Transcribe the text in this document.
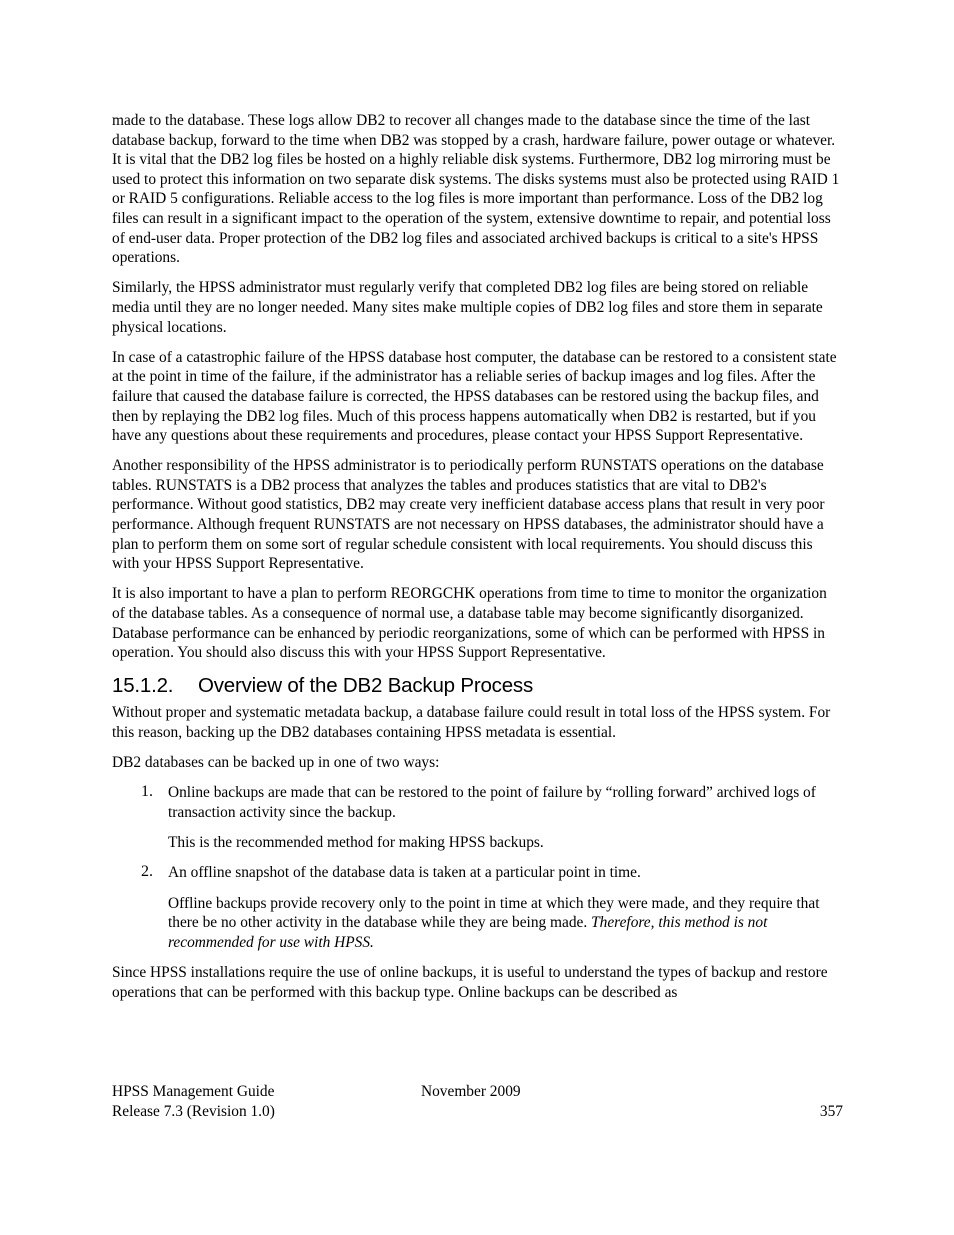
made to the database. These logs allow DB2 to recover all changes made to the database since the time of the last database backup, forward to the time when DB2 was stopped by a crash, hardware failure, power outage or whatever. It is vital that the DB2 log files be hosted on a highly reliable disk systems. Furthermore, DB2 log mirroring must be used to protect this information on two separate disk systems. The disks systems must also be protected using RAID 1 or RAID 5 configurations. Reliable access to the log files is more important than performance. Loss of the DB2 log files can result in a significant impact to the operation of the system, extensive downtime to repair, and potential loss of end-user data. Proper protection of the DB2 log files and associated archived backups is critical to a site's HPSS operations.

Similarly, the HPSS administrator must regularly verify that completed DB2 log files are being stored on reliable media until they are no longer needed. Many sites make multiple copies of DB2 log files and store them in separate physical locations.

In case of a catastrophic failure of the HPSS database host computer, the database can be restored to a consistent state at the point in time of the failure, if the administrator has a reliable series of backup images and log files. After the failure that caused the database failure is corrected, the HPSS databases can be restored using the backup files, and then by replaying the DB2 log files. Much of this process happens automatically when DB2 is restarted, but if you have any questions about these requirements and procedures, please contact your HPSS Support Representative.

Another responsibility of the HPSS administrator is to periodically perform RUNSTATS operations on the database tables. RUNSTATS is a DB2 process that analyzes the tables and produces statistics that are vital to DB2's performance. Without good statistics, DB2 may create very inefficient database access plans that result in very poor performance. Although frequent RUNSTATS are not necessary on HPSS databases, the administrator should have a plan to perform them on some sort of regular schedule consistent with local requirements. You should discuss this with your HPSS Support Representative.

It is also important to have a plan to perform REORGCHK operations from time to time to monitor the organization of the database tables. As a consequence of normal use, a database table may become significantly disorganized. Database performance can be enhanced by periodic reorganizations, some of which can be performed with HPSS in operation. You should also discuss this with your HPSS Support Representative.

15.1.2. Overview of the DB2 Backup Process

Without proper and systematic metadata backup, a database failure could result in total loss of the HPSS system. For this reason, backing up the DB2 databases containing HPSS metadata is essential.

DB2 databases can be backed up in one of two ways:

1. Online backups are made that can be restored to the point of failure by “rolling forward” archived logs of transaction activity since the backup.

This is the recommended method for making HPSS backups.

2. An offline snapshot of the database data is taken at a particular point in time.

Offline backups provide recovery only to the point in time at which they were made, and they require that there be no other activity in the database while they are being made. Therefore, this method is not recommended for use with HPSS.

Since HPSS installations require the use of online backups, it is useful to understand the types of backup and restore operations that can be performed with this backup type. Online backups can be described as

HPSS Management Guide	November 2009
Release 7.3 (Revision 1.0)	357
